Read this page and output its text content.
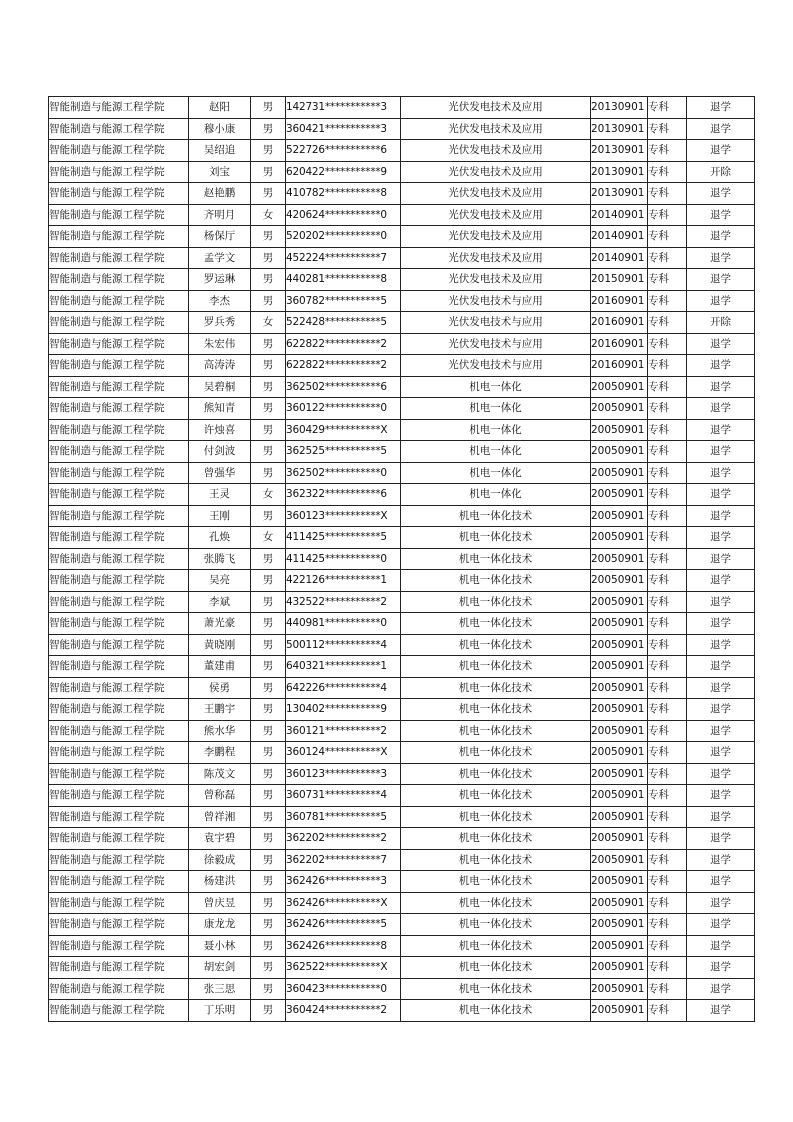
智能制造与能源工程学院	赵阳	男	142731***********3	光伏发电技术及应用	20130901	专科	退学
智能制造与能源工程学院	穆小康	男	360421***********3	光伏发电技术及应用	20130901	专科	退学
智能制造与能源工程学院	吴绍追	男	522726***********6	光伏发电技术及应用	20130901	专科	退学
智能制造与能源工程学院	刘宝	男	620422***********9	光伏发电技术及应用	20130901	专科	开除
智能制造与能源工程学院	赵艳鹏	男	410782***********8	光伏发电技术及应用	20130901	专科	退学
智能制造与能源工程学院	齐明月	女	420624***********0	光伏发电技术及应用	20140901	专科	退学
智能制造与能源工程学院	杨保厅	男	520202***********0	光伏发电技术及应用	20140901	专科	退学
智能制造与能源工程学院	孟学文	男	452224***********7	光伏发电技术及应用	20140901	专科	退学
智能制造与能源工程学院	罗运琳	男	440281***********8	光伏发电技术及应用	20150901	专科	退学
智能制造与能源工程学院	李杰	男	360782***********5	光伏发电技术与应用	20160901	专科	退学
智能制造与能源工程学院	罗兵秀	女	522428***********5	光伏发电技术与应用	20160901	专科	开除
智能制造与能源工程学院	朱宏伟	男	622822***********2	光伏发电技术与应用	20160901	专科	退学
智能制造与能源工程学院	高涛涛	男	622822***********2	光伏发电技术与应用	20160901	专科	退学
智能制造与能源工程学院	吴碧桐	男	362502***********6	机电一体化	20050901	专科	退学
智能制造与能源工程学院	熊知青	男	360122***********0	机电一体化	20050901	专科	退学
智能制造与能源工程学院	许烛喜	男	360429***********X	机电一体化	20050901	专科	退学
智能制造与能源工程学院	付剑波	男	362525***********5	机电一体化	20050901	专科	退学
智能制造与能源工程学院	曾强华	男	362502***********0	机电一体化	20050901	专科	退学
智能制造与能源工程学院	王灵	女	362322***********6	机电一体化	20050901	专科	退学
智能制造与能源工程学院	王刚	男	360123***********X	机电一体化技术	20050901	专科	退学
智能制造与能源工程学院	孔焕	女	411425***********5	机电一体化技术	20050901	专科	退学
智能制造与能源工程学院	张腾飞	男	411425***********0	机电一体化技术	20050901	专科	退学
智能制造与能源工程学院	吴亮	男	422126***********1	机电一体化技术	20050901	专科	退学
智能制造与能源工程学院	李斌	男	432522***********2	机电一体化技术	20050901	专科	退学
智能制造与能源工程学院	萧光豪	男	440981***********0	机电一体化技术	20050901	专科	退学
智能制造与能源工程学院	黄晓刚	男	500112***********4	机电一体化技术	20050901	专科	退学
智能制造与能源工程学院	董建甫	男	640321***********1	机电一体化技术	20050901	专科	退学
智能制造与能源工程学院	侯勇	男	642226***********4	机电一体化技术	20050901	专科	退学
智能制造与能源工程学院	王鹏宇	男	130402***********9	机电一体化技术	20050901	专科	退学
智能制造与能源工程学院	熊水华	男	360121***********2	机电一体化技术	20050901	专科	退学
智能制造与能源工程学院	李鹏程	男	360124***********X	机电一体化技术	20050901	专科	退学
智能制造与能源工程学院	陈茂文	男	360123***********3	机电一体化技术	20050901	专科	退学
智能制造与能源工程学院	曾称磊	男	360731***********4	机电一体化技术	20050901	专科	退学
智能制造与能源工程学院	曾祥湘	男	360781***********5	机电一体化技术	20050901	专科	退学
智能制造与能源工程学院	袁宇碧	男	362202***********2	机电一体化技术	20050901	专科	退学
智能制造与能源工程学院	徐毅成	男	362202***********7	机电一体化技术	20050901	专科	退学
智能制造与能源工程学院	杨建洪	男	362426***********3	机电一体化技术	20050901	专科	退学
智能制造与能源工程学院	曾庆昱	男	362426***********X	机电一体化技术	20050901	专科	退学
智能制造与能源工程学院	康龙龙	男	362426***********5	机电一体化技术	20050901	专科	退学
智能制造与能源工程学院	聂小林	男	362426***********8	机电一体化技术	20050901	专科	退学
智能制造与能源工程学院	胡宏剑	男	362522***********X	机电一体化技术	20050901	专科	退学
智能制造与能源工程学院	张三思	男	360423***********0	机电一体化技术	20050901	专科	退学
智能制造与能源工程学院	丁乐明	男	360424***********2	机电一体化技术	20050901	专科	退学
